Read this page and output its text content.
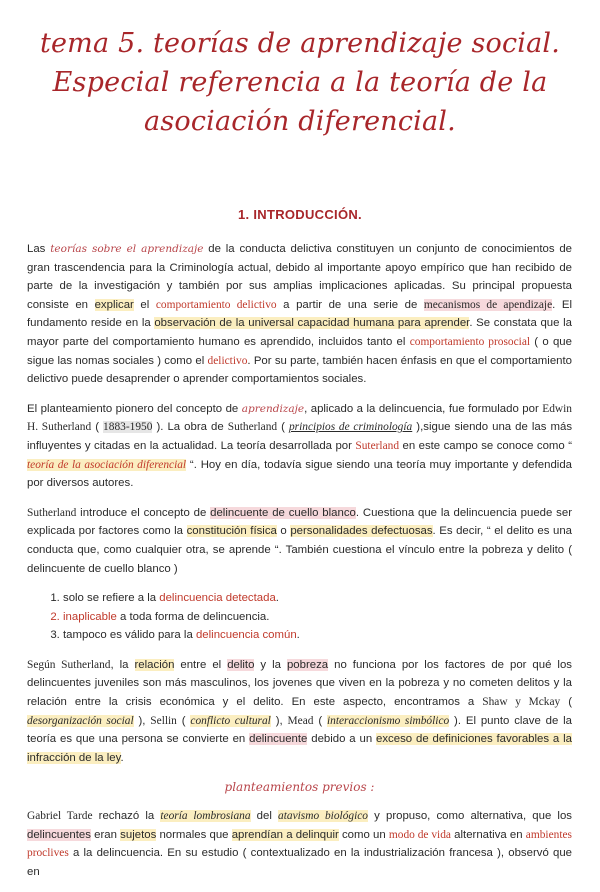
tema 5. teorías de aprendizaje social.
Especial referencia a la teoría de la
asociación diferencial.
1. INTRODUCCIÓN.

Las teorías sobre el aprendizaje de la conducta delictiva constituyen un conjunto de conocimientos de gran trascendencia para la Criminología actual, debido al importante apoyo empírico que han recibido de parte de la investigación y también por sus amplias implicaciones aplicadas. Su principal propuesta consiste en explicar el comportamiento delictivo a partir de una serie de mecanismos de apendizaje. El fundamento reside en la observación de la universal capacidad humana para aprender. Se constata que la mayor parte del comportamiento humano es aprendido, incluidos tanto el comportamiento prosocial ( o que sigue las nomas sociales ) como el delictivo. Por su parte, también hacen énfasis en que el comportamiento delictivo puede desaprender o aprender comportamientos sociales.

El planteamiento pionero del concepto de aprendizaje, aplicado a la delincuencia, fue formulado por Edwin H. Sutherland ( 1883-1950 ). La obra de Sutherland ( principios de criminología ),sigue siendo una de las más influyentes y citadas en la actualidad. La teoría desarrollada por Suterland en este campo se conoce como “ teoría de la asociación diferencial “. Hoy en día, todavía sigue siendo una teoría muy importante y defendida por diversos autores.

Sutherland introduce el concepto de delincuente de cuello blanco. Cuestiona que la delincuencia puede ser explicada por factores como la constitución física o personalidades defectuosas. Es decir, “ el delito es una conducta que, como cualquier otra, se aprende “. También cuestiona el vínculo entre la pobreza y delito ( delincuente de cuello blanco )

1. solo se refiere a la delincuencia detectada.
2. inaplicable a toda forma de delincuencia.
3. tampoco es válido para la delincuencia común.

Según Sutherland, la relación entre el delito y la pobreza no funciona por los factores de por qué los delincuentes juveniles son más masculinos, los jovenes que viven en la pobreza y no cometen delitos y la relación entre la crisis económica y el delito. En este aspecto, encontramos a Shaw y Mckay ( desorganización social ), Sellin ( conflicto cultural ), Mead ( interaccionismo simbólico ). El punto clave de la teoría es que una persona se convierte en delincuente debido a un exceso de definiciones favorables a la infracción de la ley.

planteamientos previos :

Gabriel Tarde rechazó la teoría lombrosiana del atavismo biológico y propuso, como alternativa, que los delincuentes eran sujetos normales que aprendían a delinquir como un modo de vida alternativa en ambientes proclives a la delincuencia. En su estudio ( contextualizado en la industrialización francesa ), observó que en
